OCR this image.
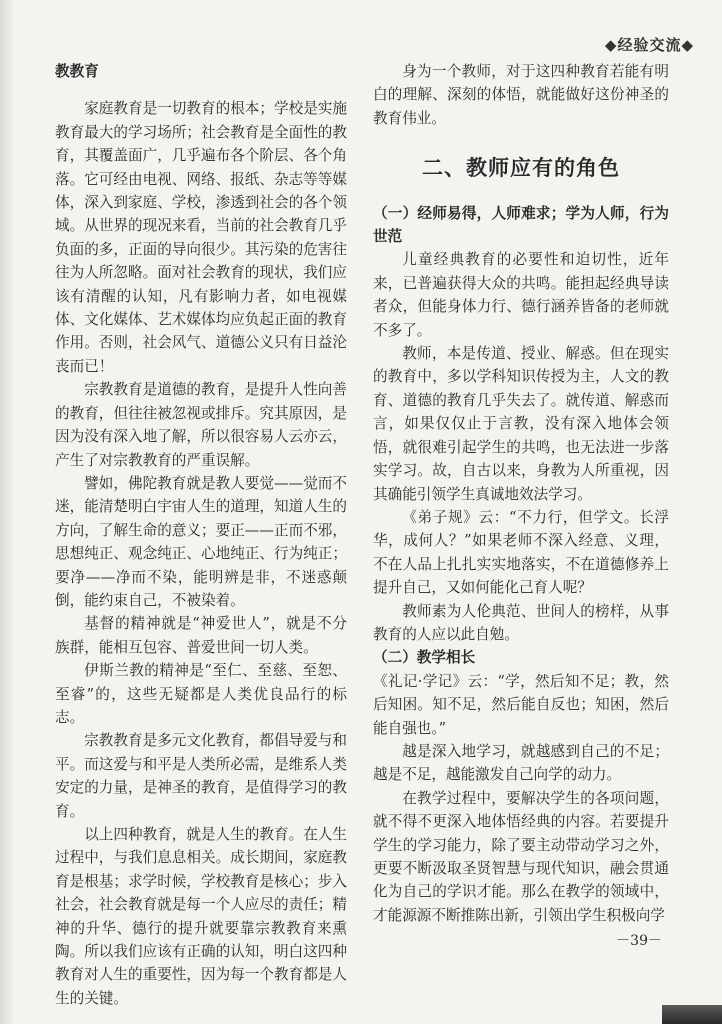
◆经验交流◆

教教育

家庭教育是一切教育的根本；学校是实施教育最大的学习场所；社会教育是全面性的教育，其覆盖面广，几乎遍布各个阶层、各个角落。它可经由电视、网络、报纸、杂志等等媒体，深入到家庭、学校，渗透到社会的各个领域。从世界的现况来看，当前的社会教育几乎负面的多，正面的导向很少。其污染的危害往往为人所忽略。面对社会教育的现状，我们应该有清醒的认知，凡有影响力者，如电视媒体、文化媒体、艺术媒体均应负起正面的教育作用。否则，社会风气、道德公义只有日益沦丧而已！

宗教教育是道德的教育，是提升人性向善的教育，但往往被忽视或排斥。究其原因，是因为没有深入地了解，所以很容易人云亦云，产生了对宗教教育的严重误解。

譬如，佛陀教育就是教人要觉——觉而不迷，能清楚明白宇宙人生的道理，知道人生的方向，了解生命的意义；要正——正而不邪，思想纯正、观念纯正、心地纯正、行为纯正；要净——净而不染，能明辨是非，不迷惑颠倒，能约束自己，不被染着。

基督的精神就是“神爱世人”，就是不分族群，能相互包容、普爱世间一切人类。

伊斯兰教的精神是“至仁、至慈、至恕、至睿”的，这些无疑都是人类优良品行的标志。

宗教教育是多元文化教育，都倡导爱与和平。而这爱与和平是人类所必需，是维系人类安定的力量，是神圣的教育，是值得学习的教育。

以上四种教育，就是人生的教育。在人生过程中，与我们息息相关。成长期间，家庭教育是根基；求学时候，学校教育是核心；步入社会，社会教育就是每一个人应尽的责任；精神的升华、德行的提升就要靠宗教教育来熏陶。所以我们应该有正确的认知，明白这四种教育对人生的重要性，因为每一个教育都是人生的关键。

身为一个教师，对于这四种教育若能有明白的理解、深刻的体悟，就能做好这份神圣的教育伟业。

二、教师应有的角色

（一）经师易得，人师难求；学为人师，行为世范

儿童经典教育的必要性和迫切性，近年来，已普遍获得大众的共鸣。能担起经典导读者众，但能身体力行、德行涵养皆备的老师就不多了。

教师，本是传道、授业、解惑。但在现实的教育中，多以学科知识传授为主，人文的教育、道德的教育几乎失去了。就传道、解惑而言，如果仅仅止于言教，没有深入地体会领悟，就很难引起学生的共鸣，也无法进一步落实学习。故，自古以来，身教为人所重视，因其确能引领学生真诚地效法学习。

《弟子规》云：“不力行，但学文。长浮华，成何人？”如果老师不深入经意、义理，不在人品上扎扎实实地落实，不在道德修养上提升自己，又如何能化己育人呢？

教师素为人伦典范、世间人的榜样，从事教育的人应以此自勉。

（二）教学相长

《礼记·学记》云：“学，然后知不足；教，然后知困。知不足，然后能自反也；知困，然后能自强也。”

越是深入地学习，就越感到自己的不足；越是不足，越能激发自己向学的动力。

在教学过程中，要解决学生的各项问题，就不得不更深入地体悟经典的内容。若要提升学生的学习能力，除了要主动带动学习之外，更要不断汲取圣贤智慧与现代知识，融会贯通化为自己的学识才能。那么在教学的领域中，才能源源不断推陈出新，引领出学生积极向学

－39－
